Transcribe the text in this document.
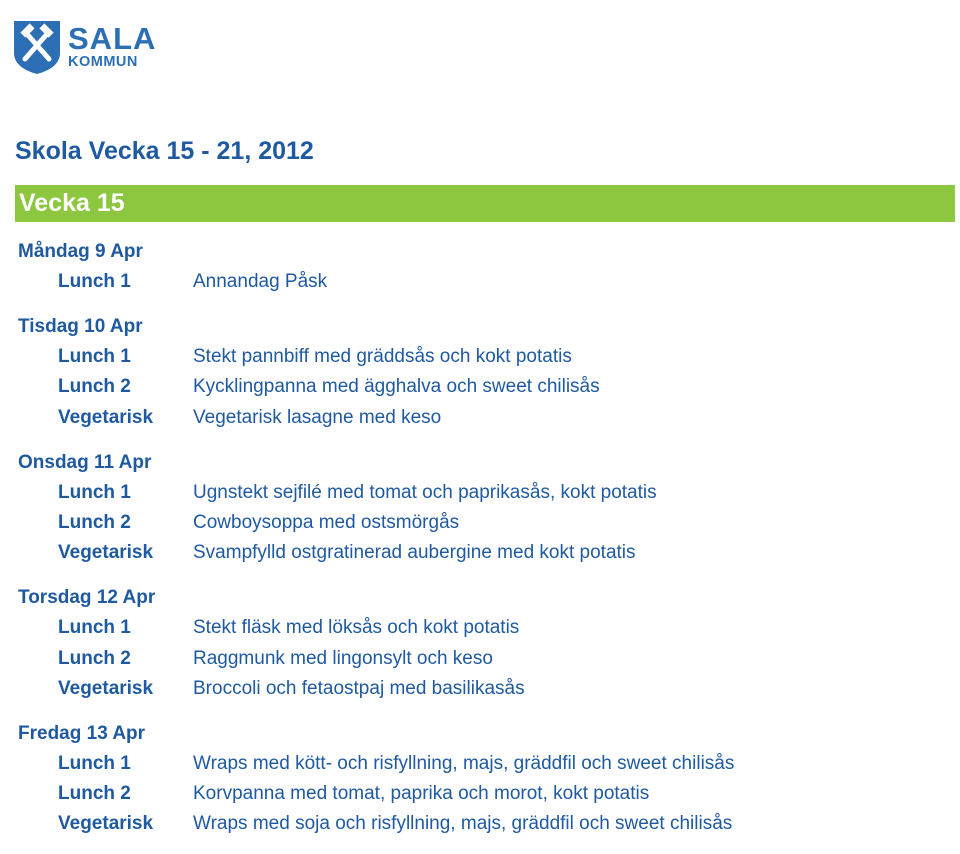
SALA
KOMMUN
Skola Vecka 15 - 21, 2012
Vecka 15
Måndag 9 Apr
Lunch 1	Annandag Påsk
Tisdag 10 Apr
Lunch 1	Stekt pannbiff med gräddsås och kokt potatis
Lunch 2	Kycklingpanna med ägghalva och sweet chilisås
Vegetarisk	Vegetarisk lasagne med keso
Onsdag 11 Apr
Lunch 1	Ugnstekt sejfilé med tomat och paprikasås, kokt potatis
Lunch 2	Cowboysoppa med ostsmörgås
Vegetarisk	Svampfylld ostgratinerad aubergine med kokt potatis
Torsdag 12 Apr
Lunch 1	Stekt fläsk med löksås och kokt potatis
Lunch 2	Raggmunk med lingonsylt och keso
Vegetarisk	Broccoli och fetaostpaj med basilikasås
Fredag 13 Apr
Lunch 1	Wraps med kött- och risfyllning, majs, gräddfil och sweet chilisås
Lunch 2	Korvpanna med tomat, paprika och morot, kokt potatis
Vegetarisk	Wraps med soja och risfyllning, majs, gräddfil och sweet chilisås
